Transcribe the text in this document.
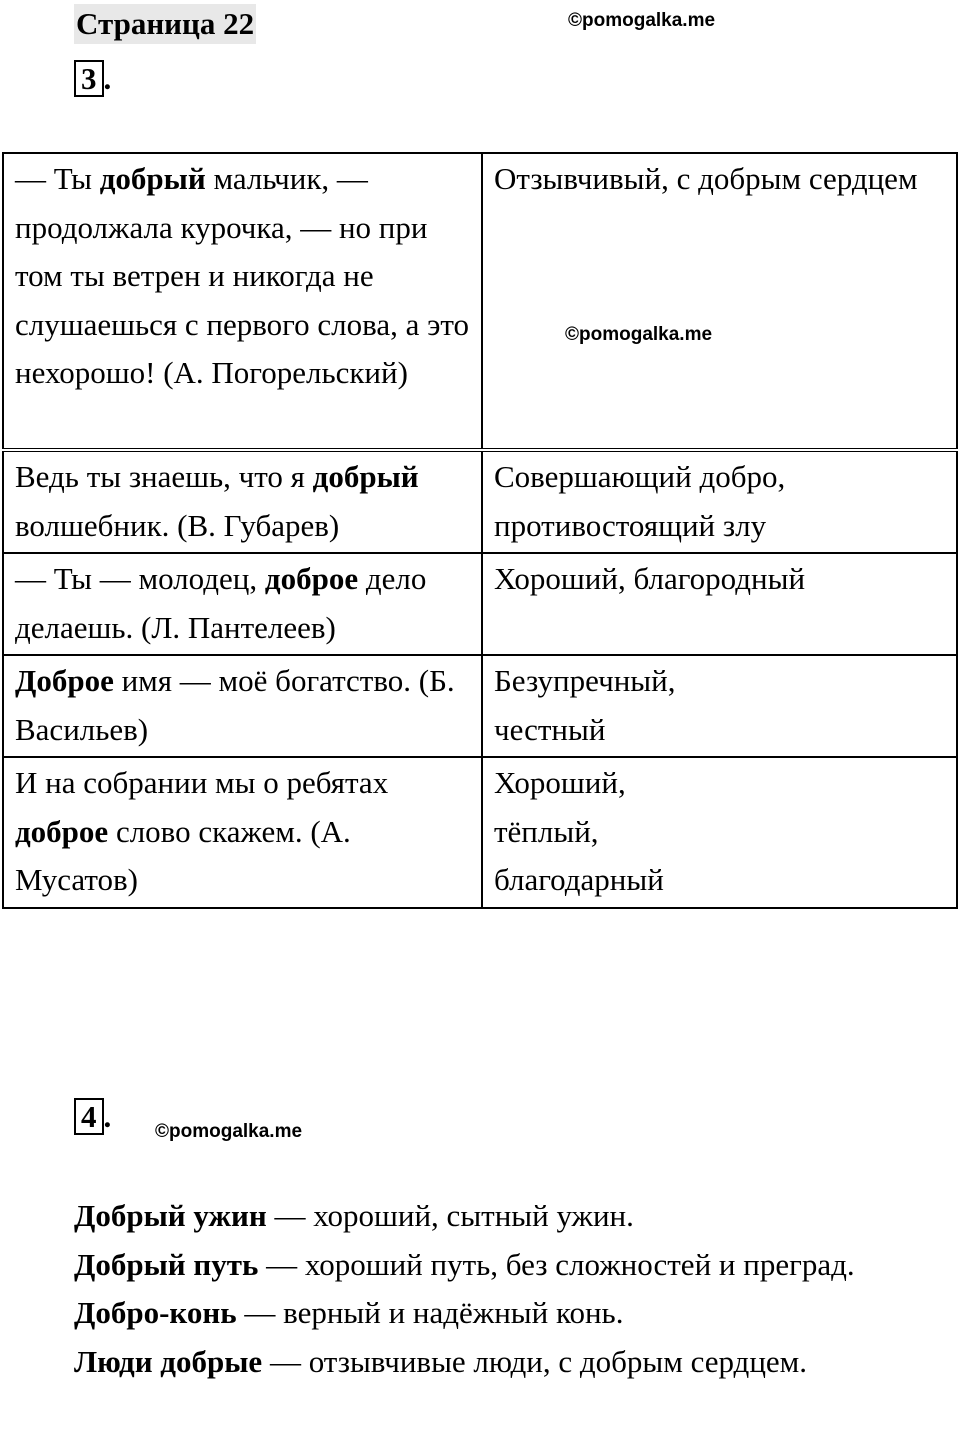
Страница 22	©pomogalka.me
3 .
— Ты добрый мальчик, — продолжала курочка, — но при том ты ветрен и никогда не слушаешься с первого слова, а это нехорошо! (А. Погорельский)	Отзывчивый, с добрым сердцем
Ведь ты знаешь, что я добрый волшебник. (В. Губарев)	Совершающий добро, противостоящий злу
— Ты — молодец, доброе дело делаешь. (Л. Пантелеев)	Хороший, благородный
Доброе имя — моё богатство. (Б. Васильев)	Безупречный, честный
И на собрании мы о ребятах доброе слово скажем. (А. Мусатов)	Хороший, тёплый, благодарный
©pomogalka.me
4 . ©pomogalka.me

Добрый ужин — хороший, сытный ужин.

Добрый путь — хороший путь, без сложностей и преград.

Добро-конь — верный и надёжный конь.

Люди добрые — отзывчивые люди, с добрым сердцем.
